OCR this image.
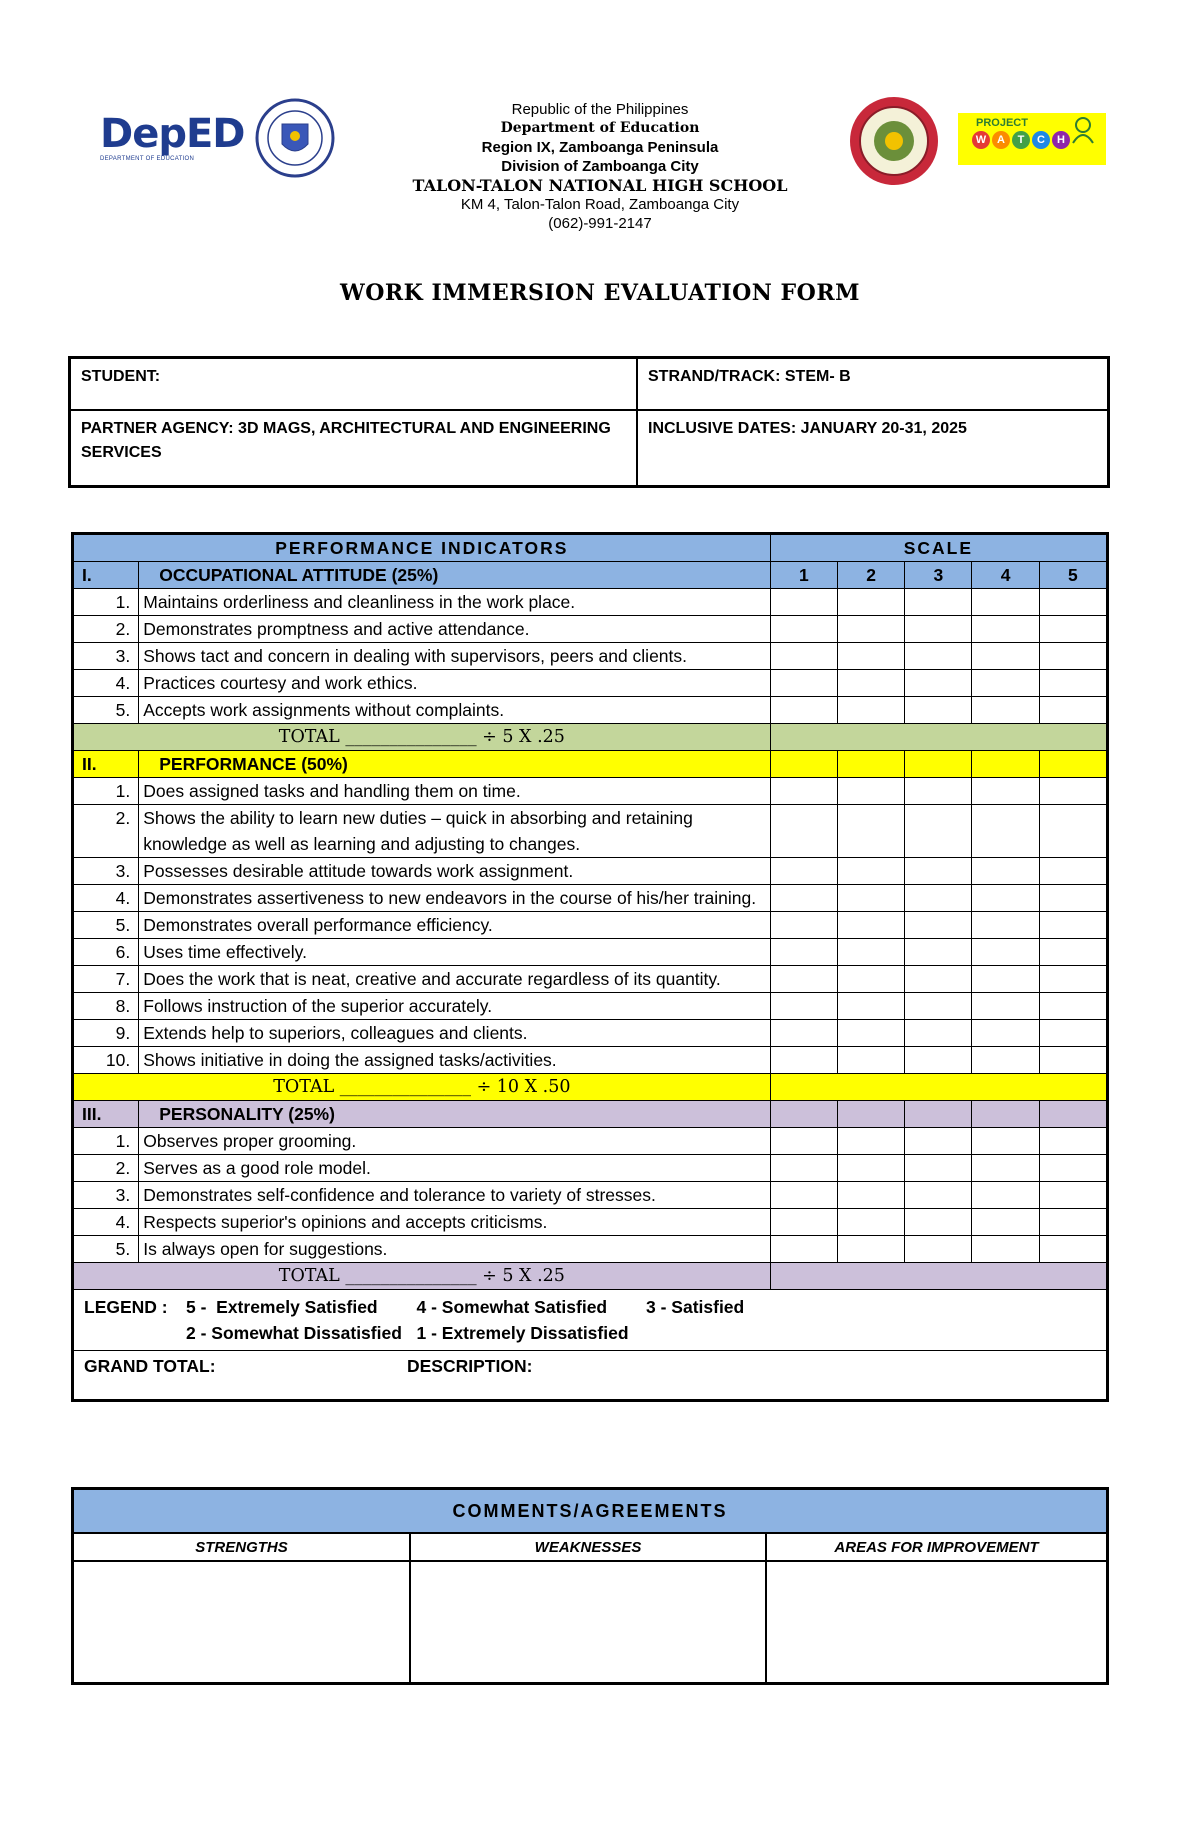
DepED
DEPARTMENT OF EDUCATION
PROJECT
W A	T	C	H
Republic of the Philippines
Department of Education
Region IX, Zamboanga Peninsula
Division of Zamboanga City
TALON-TALON NATIONAL HIGH SCHOOL
KM 4, Talon-Talon Road, Zamboanga City
(062)-991-2147
WORK IMMERSION EVALUATION FORM
STUDENT:	STRAND/TRACK: STEM- B
PARTNER AGENCY: 3D MAGS, ARCHITECTURAL AND ENGINEERING SERVICES	INCLUSIVE DATES: JANUARY 20-31, 2025
PERFORMANCE INDICATORS		SCALE				
I.	OCCUPATIONAL ATTITUDE (25%)	1	2	3	4	5
1.	Maintains orderliness and cleanliness in the work place.					
2.	Demonstrates promptness and active attendance.					
3.	Shows tact and concern in dealing with supervisors, peers and clients.					
4.	Practices courtesy and work ethics.					
5.	Accepts work assignments without complaints.					
TOTAL _______________ ÷ 5 X .25						
II.	PERFORMANCE (50%)					
1.	Does assigned tasks and handling them on time.					
2.	Shows the ability to learn new duties – quick in absorbing and retaining knowledge as well as learning and adjusting to changes.					
3.	Possesses desirable attitude towards work assignment.					
4.	Demonstrates assertiveness to new endeavors in the course of his/her training.					
5.	Demonstrates overall performance efficiency.					
6.	Uses time effectively.					
7.	Does the work that is neat, creative and accurate regardless of its quantity.					
8.	Follows instruction of the superior accurately.					
9.	Extends help to superiors, colleagues and clients.					
10.	Shows initiative in doing the assigned tasks/activities.					
TOTAL _______________ ÷ 10 X .50						
III.	PERSONALITY (25%)					
1.	Observes proper grooming.					
2.	Serves as a good role model.					
3.	Demonstrates self-confidence and tolerance to variety of stresses.					
4.	Respects superior's opinions and accepts criticisms.					
5.	Is always open for suggestions.					
TOTAL _______________ ÷ 5 X .25						
LEGEND : 5 -  Extremely Satisfied        4 - Somewhat Satisfied        3 - Satisfied
2 - Somewhat Dissatisfied   1 - Extremely Dissatisfied						
GRAND TOTAL: DESCRIPTION:						
COMMENTS/AGREEMENTS		
STRENGTHS	WEAKNESSES	AREAS FOR IMPROVEMENT
